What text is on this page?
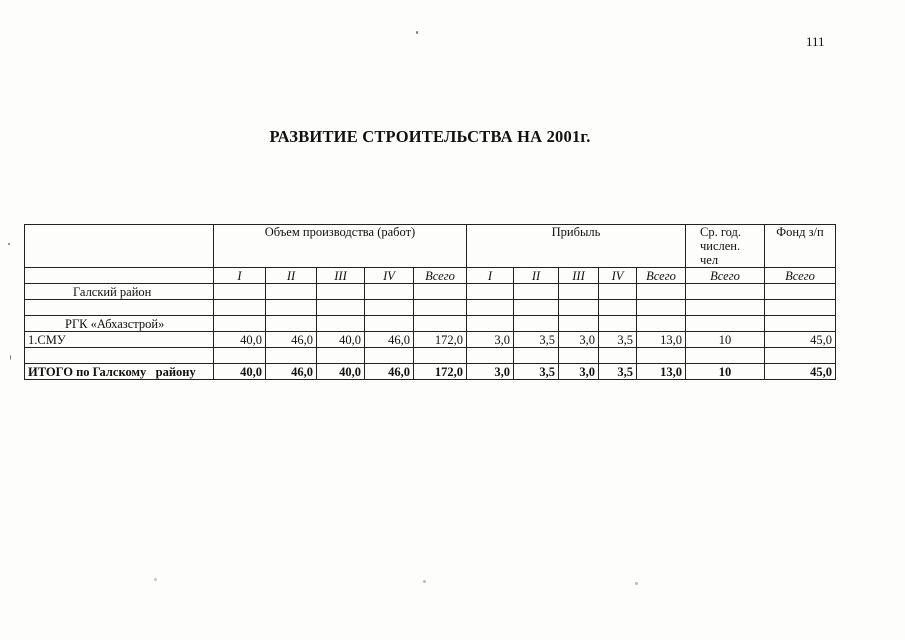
111
РАЗВИТИЕ СТРОИТЕЛЬСТВА НА 2001г.
	Объем производства (работ)					Прибыль					Ср. год. числен. чел	Фонд з/п
	I	II	III	IV	Всего	I	II	III	IV	Всего	Всего	Всего
Галский район												

РГК «Абхазстрой»												
1.СМУ	40,0	46,0	40,0	46,0	172,0	3,0	3,5	3,0	3,5	13,0	10	45,0

ИТОГО по Галскому   району	40,0	46,0	40,0	46,0	172,0	3,0	3,5	3,0	3,5	13,0	10	45,0
